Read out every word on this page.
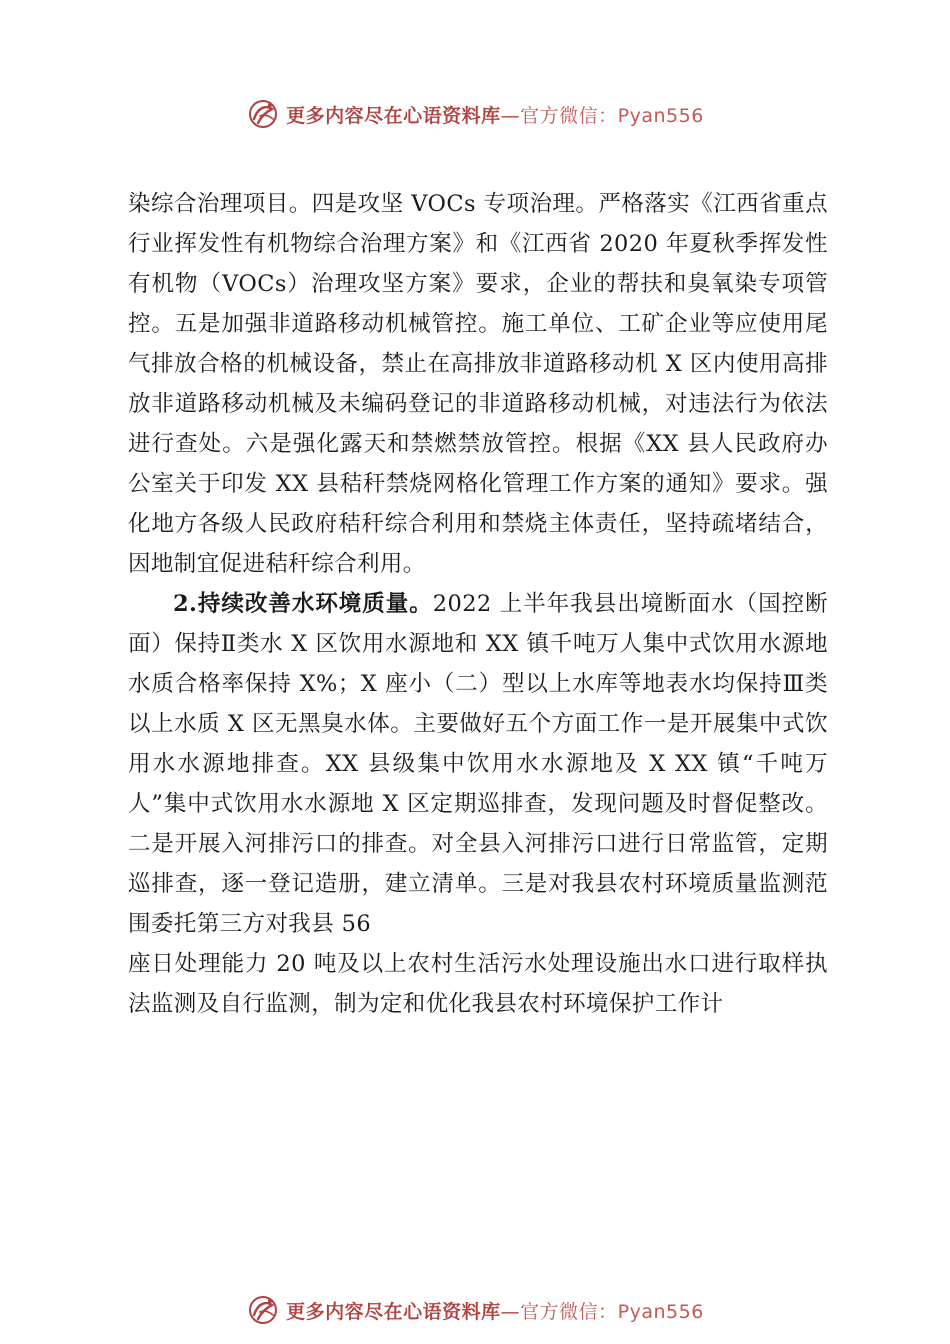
更多内容尽在心语资料库—官方微信：Pyan556

染综合治理项目。四是攻坚 VOCs 专项治理。严格落实《江西省重点行业挥发性有机物综合治理方案》和《江西省 2020 年夏秋季挥发性有机物（VOCs）治理攻坚方案》要求，企业的帮扶和臭氧染专项管控。五是加强非道路移动机械管控。施工单位、工矿企业等应使用尾气排放合格的机械设备，禁止在高排放非道路移动机 X 区内使用高排放非道路移动机械及未编码登记的非道路移动机械，对违法行为依法进行查处。六是强化露天和禁燃禁放管控。根据《XX 县人民政府办公室关于印发 XX 县秸秆禁烧网格化管理工作方案的通知》要求。强化地方各级人民政府秸秆综合利用和禁烧主体责任，坚持疏堵结合，因地制宜促进秸秆综合利用。

2.持续改善水环境质量。2022 上半年我县出境断面水（国控断面）保持Ⅱ类水 X 区饮用水源地和 XX 镇千吨万人集中式饮用水源地水质合格率保持 X%；X 座小（二）型以上水库等地表水均保持Ⅲ类以上水质 X 区无黑臭水体。主要做好五个方面工作一是开展集中式饮用水水源地排查。XX 县级集中饮用水水源地及 X XX 镇“千吨万人”集中式饮用水水源地 X 区定期巡排查，发现问题及时督促整改。二是开展入河排污口的排查。对全县入河排污口进行日常监管，定期巡排查，逐一登记造册，建立清单。三是对我县农村环境质量监测范围委托第三方对我县 56

座日处理能力 20 吨及以上农村生活污水处理设施出水口进行取样执法监测及自行监测，制为定和优化我县农村环境保护工作计

更多内容尽在心语资料库—官方微信：Pyan556
